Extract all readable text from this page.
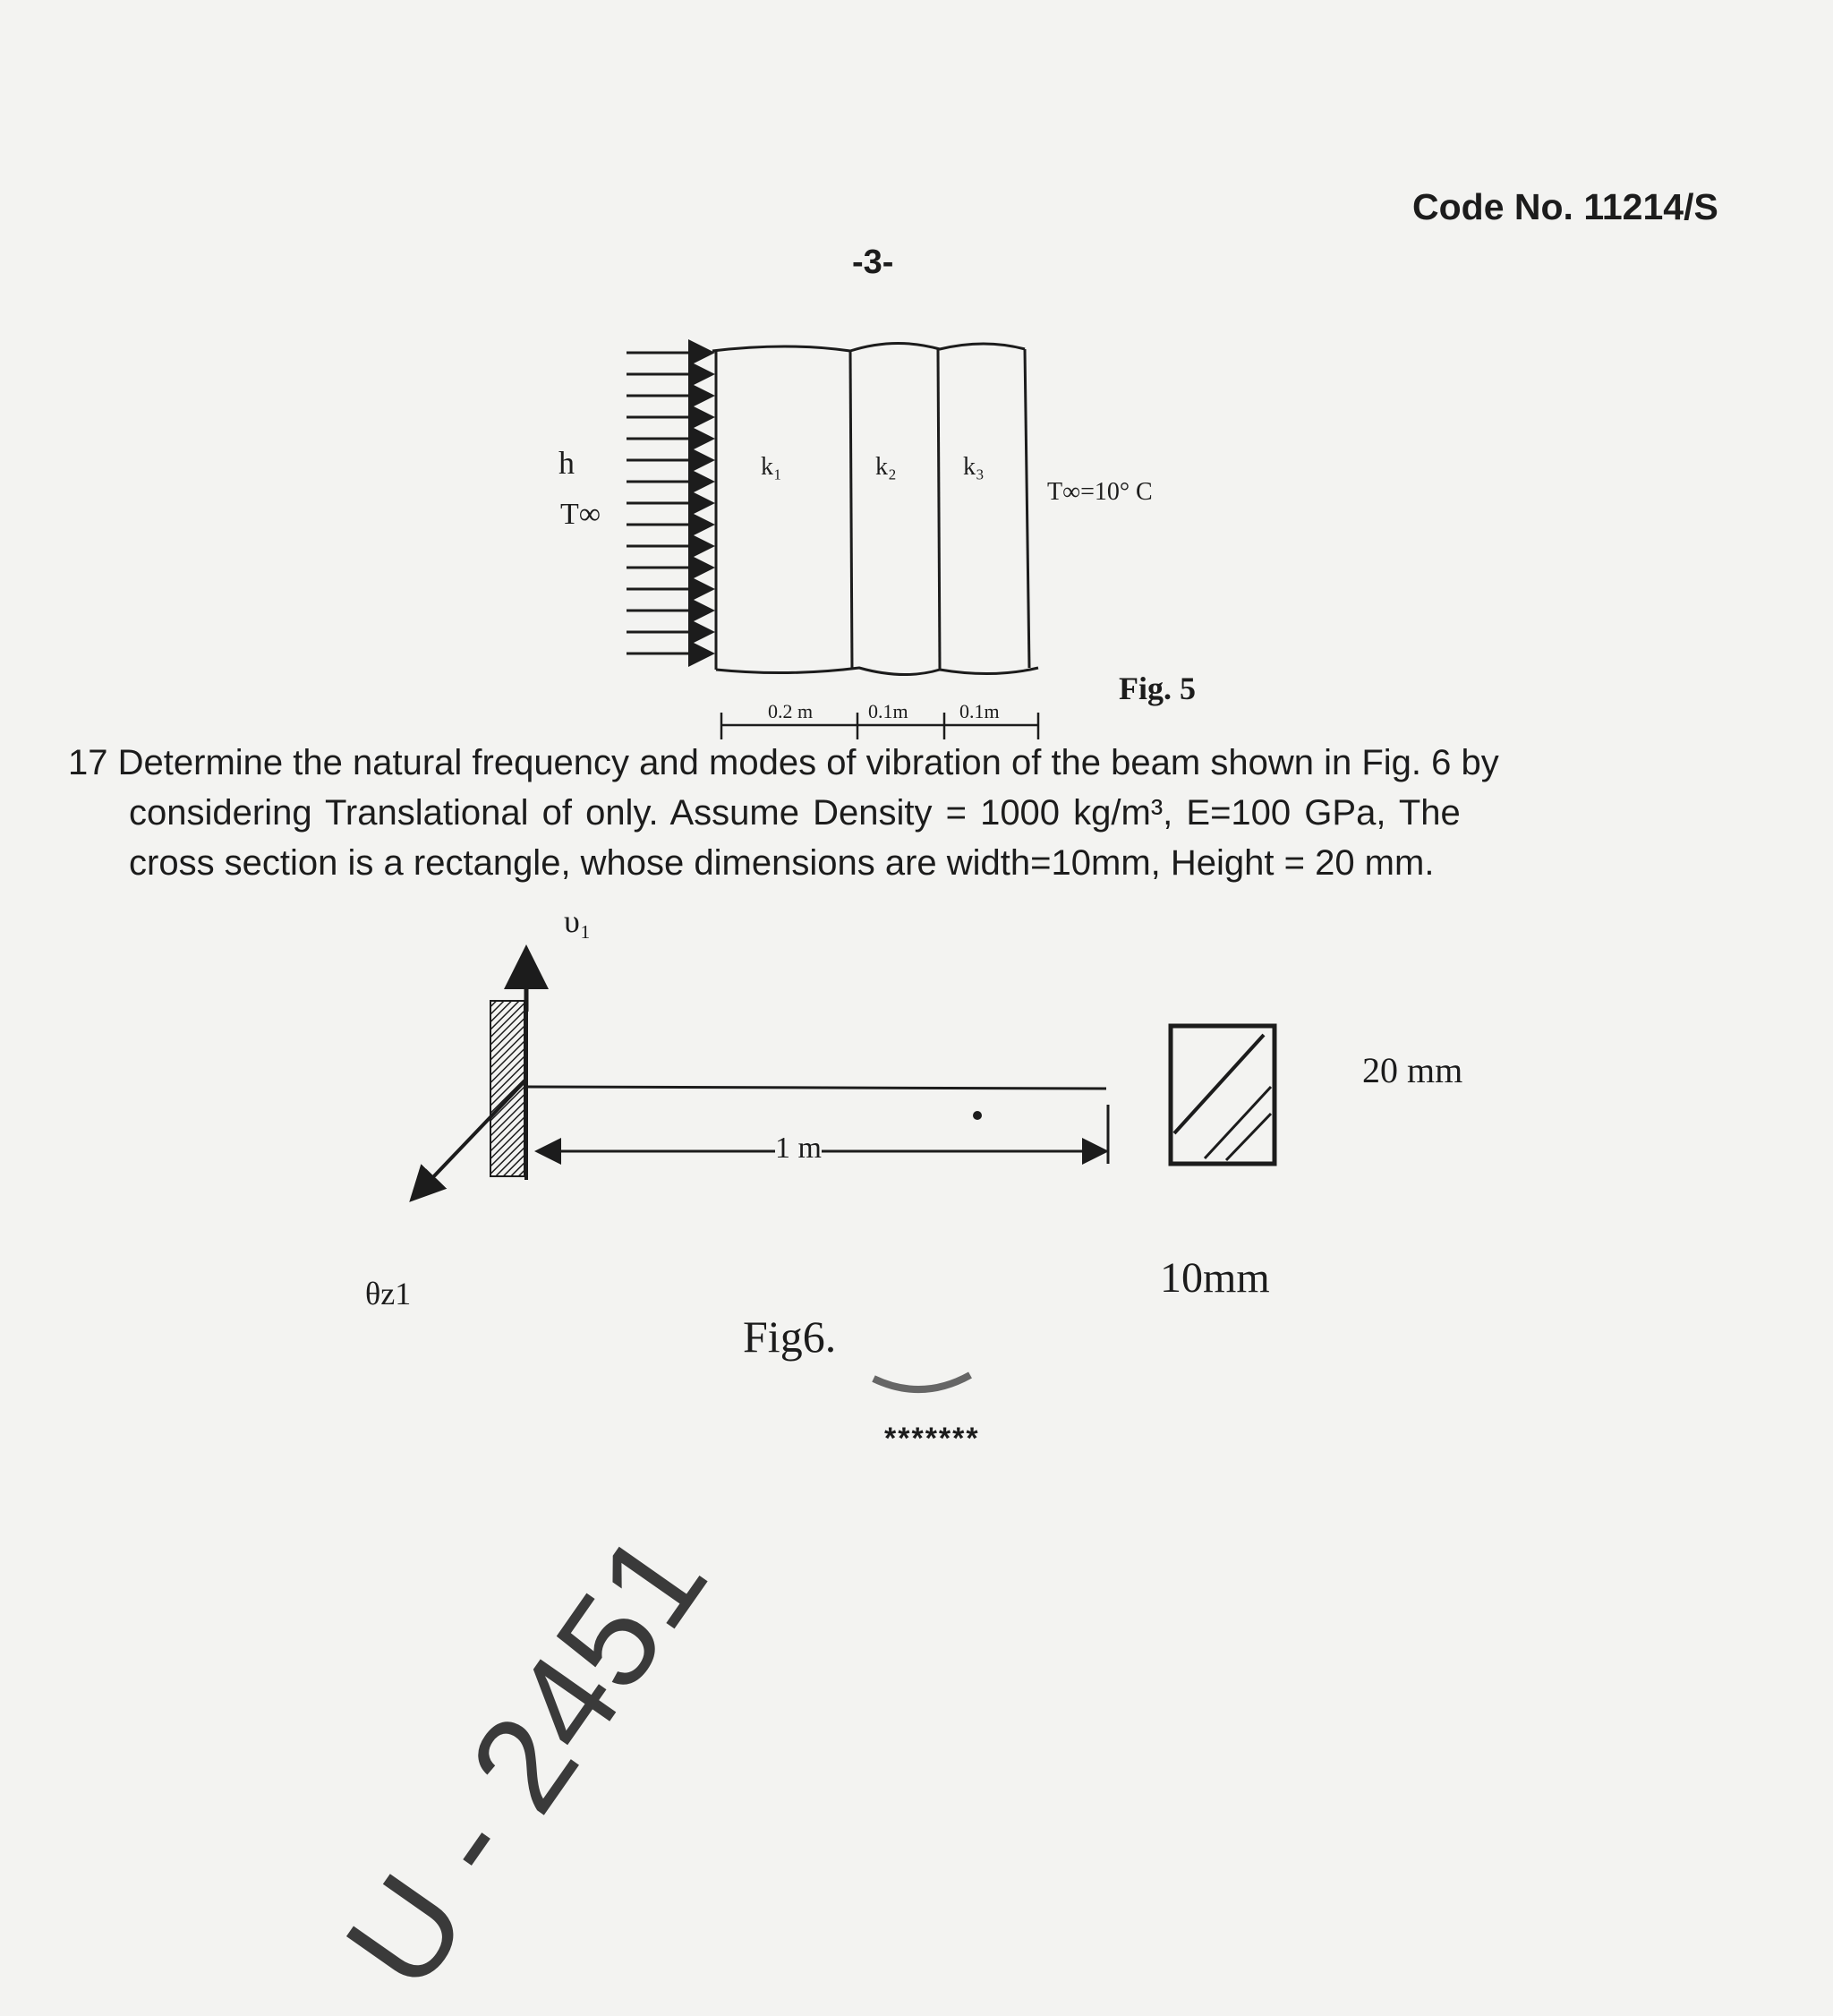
Code No. 11214/S
-3-
h
T∞
k₁	k₂	k₃
T∞=10° C
0.2 m	0.1m	0.1m
Fig. 5
17 Determine the natural frequency and modes of vibration of the beam shown in Fig. 6 by
considering Translational of only. Assume Density = 1000 kg/m³, E=100 GPa, The
cross section is a rectangle, whose dimensions are width=10mm, Height = 20 mm.
υ₁
θz1
1 m
20 mm
10mm
Fig6.
*******
U - 2451
